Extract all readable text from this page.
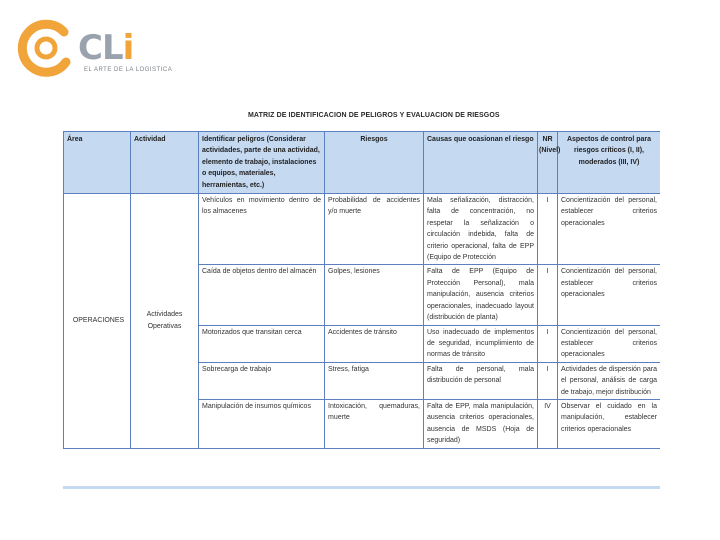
CLi
EL ARTE DE LA LOGISTICA
MATRIZ DE IDENTIFICACION DE PELIGROS Y EVALUACION DE RIESGOS
Área	Actividad	Identificar peligros (Considerar actividades, parte de una actividad, elemento de trabajo, instalaciones o equipos, materiales, herramientas, etc.)	Riesgos	Causas que ocasionan el riesgo	NR (Nivel)	Aspectos de control para riesgos críticos (I, II), moderados (III, IV)
OPERACIONES	Actividades Operativas	Vehículos en movimiento dentro de los almacenes	Probabilidad de accidentes y/o muerte	Mala señalización, distracción, falta de concentración, no respetar la señalización o circulación indebida, falta de criterio operacional, falta de EPP (Equipo de Protección	I	Concientización del personal, establecer criterios operacionales
		Caída de objetos dentro del almacén	Golpes, lesiones	Falta de EPP (Equipo de Protección Personal), mala manipulación, ausencia criterios operacionales, inadecuado layout (distribución de planta)	I	Concientización del personal, establecer criterios operacionales
		Motorizados que transitan cerca	Accidentes de tránsito	Uso inadecuado de implementos de seguridad, incumplimiento de normas de tránsito	I	Concientización del personal, establecer criterios operacionales
		Sobrecarga de trabajo	Stress, fatiga	Falta de personal, mala distribución de personal	I	Actividades de dispersión para el personal, análisis de carga de trabajo, mejor distribución
		Manipulación de insumos químicos	Intoxicación, quemaduras, muerte	Falta de EPP, mala manipulación, ausencia criterios operacionales, ausencia de MSDS (Hoja de seguridad)	IV	Observar el cuidado en la manipulación, establecer criterios operacionales
